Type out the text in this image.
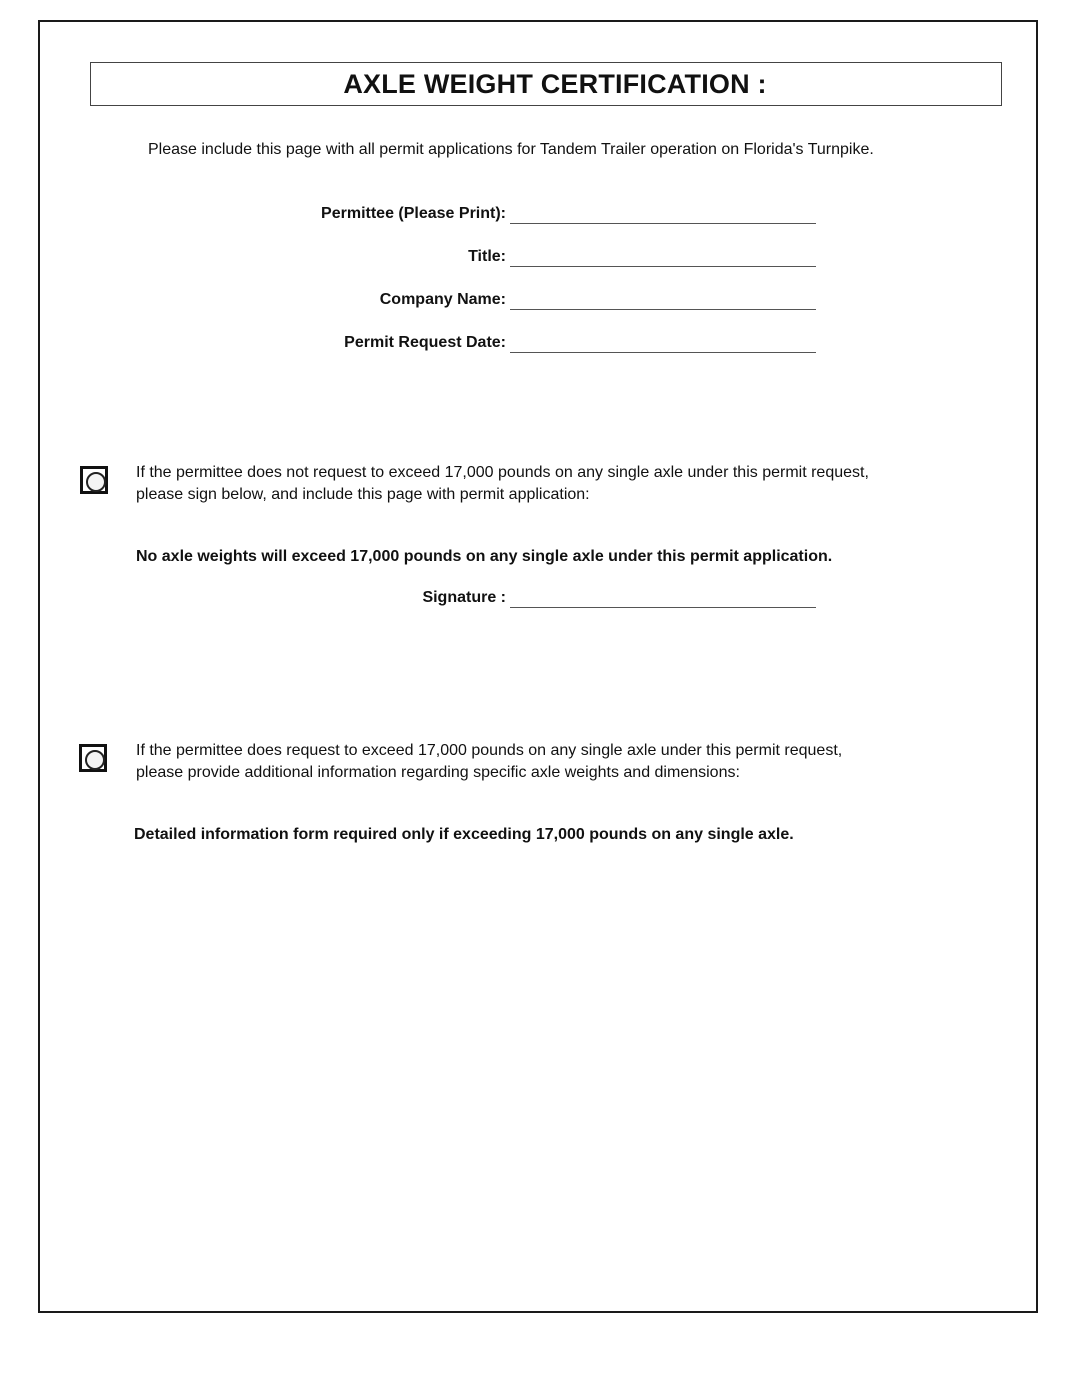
AXLE WEIGHT CERTIFICATION :
Please include this page with all permit applications for Tandem Trailer operation on Florida's Turnpike.
Permittee (Please Print):
Title:
Company Name:
Permit Request Date:
If the permittee does not request to exceed 17,000 pounds on any single axle under this permit request,
please sign below, and include this page with permit application:
No axle weights will exceed 17,000 pounds on any single axle under this permit application.
Signature :
If the permittee does request to exceed 17,000 pounds on any single axle under this permit request,
please provide additional information regarding specific axle weights and dimensions:
Detailed information form required only if exceeding 17,000 pounds on any single axle.
